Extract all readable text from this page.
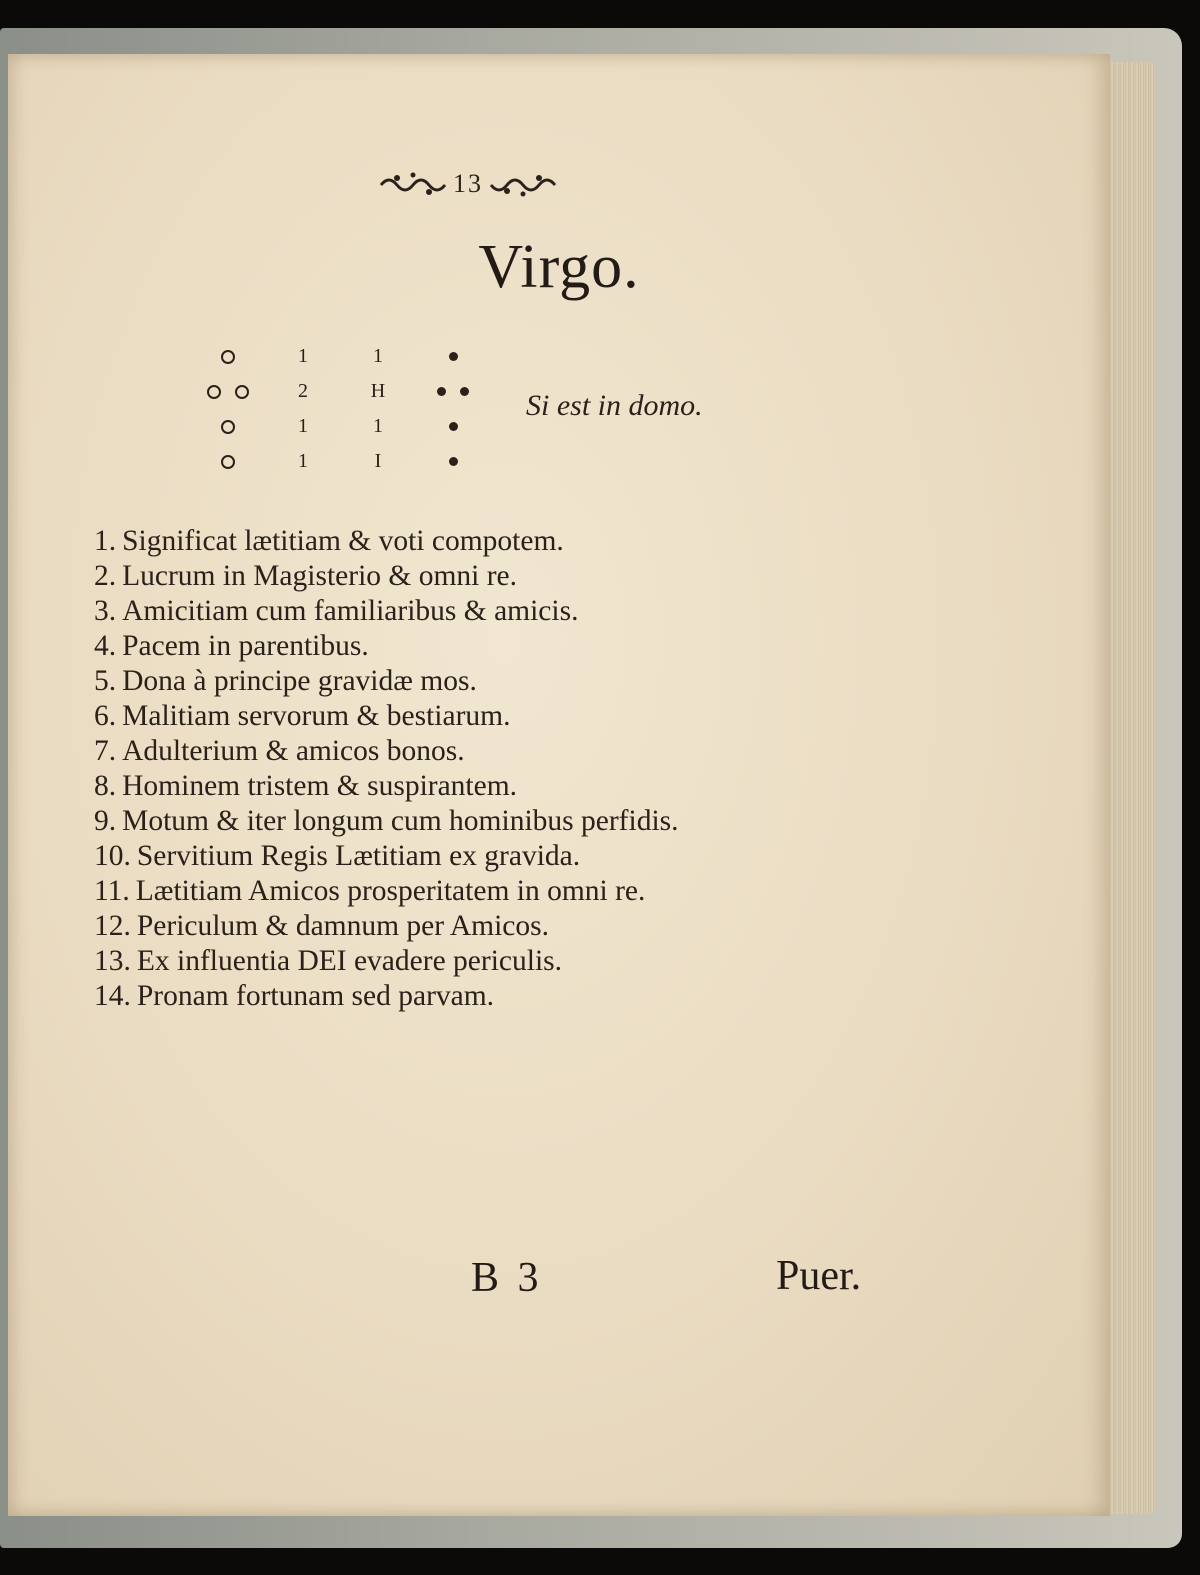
13
Virgo.
1
2
1
1
1
H
1
I
Si est in domo.
1. Significat lætitiam & voti compotem.
2. Lucrum in Magisterio & omni re.
3. Amicitiam cum familiaribus & amicis.
4. Pacem in parentibus.
5. Dona à principe gravidæ mos.
6. Malitiam servorum & bestiarum.
7. Adulterium & amicos bonos.
8. Hominem tristem & suspirantem.
9. Motum & iter longum cum hominibus perfidis.
10. Servitium Regis Lætitiam ex gravida.
11. Lætitiam Amicos prosperitatem in omni re.
12. Periculum & damnum per Amicos.
13. Ex influentia DEI evadere periculis.
14. Pronam fortunam sed parvam.
B 3	Puer.
